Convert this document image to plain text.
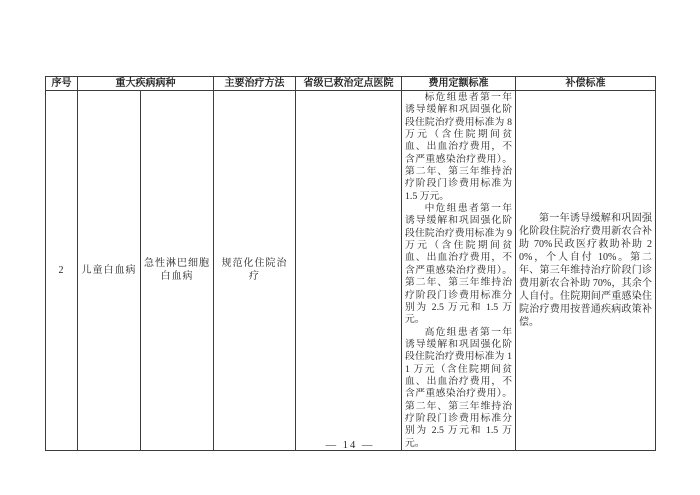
序号	重大疾病病种		主要治疗方法	省级已救治定点医院	费用定额标准	补偿标准
2	儿童白血病	急性淋巴细胞白血病	规范化住院治疗		标危组患者第一年诱导缓解和巩固强化阶段住院治疗费用标准为 8 万元（含住院期间贫血、出血治疗费用，不含严重感染治疗费用）。第二年、第三年维持治疗阶段门诊费用标准为 1.5 万元。

中危组患者第一年诱导缓解和巩固强化阶段住院治疗费用标准为 9 万元（含住院期间贫血、出血治疗费用，不含严重感染治疗费用）。第二年、第三年维持治疗阶段门诊费用标准分别为 2.5 万元和 1.5 万元。

高危组患者第一年诱导缓解和巩固强化阶段住院治疗费用标准为 11 万元（含住院期间贫血、出血治疗费用，不含严重感染治疗费用）。第二年、第三年维持治疗阶段门诊费用标准分别为 2.5 万元和 1.5 万元。	第一年诱导缓解和巩固强化阶段住院治疗费用新农合补助 70%民政医疗救助补助 20%，个人自付 10%。第二年、第三年维持治疗阶段门诊费用新农合补助 70%，其余个人自付。住院期间严重感染住院治疗费用按普通疾病政策补偿。

— 14 —
